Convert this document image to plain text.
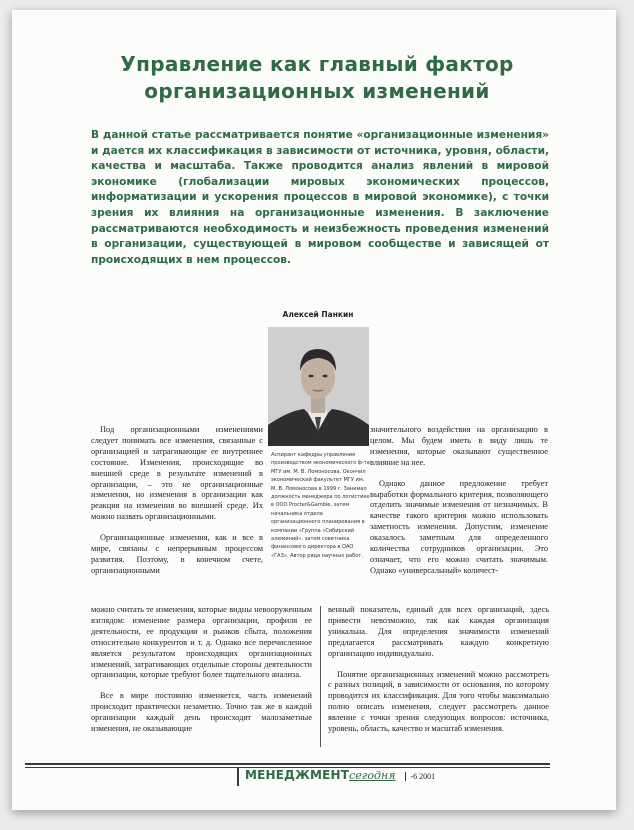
Управление как главный фактор
организационных изменений
В данной статье рассматривается понятие «организационные изменения» и дается их классификация в зависимости от источника, уровня, области, качества и масштаба. Также проводится анализ явлений в мировой экономике (глобализации мировых экономических процессов, информатизации и ускорения процессов в мировой экономике), с точки зрения их влияния на организационные изменения. В заключение рассматриваются необходимость и неизбежность проведения изменений в организации, существующей в мировом сообществе и зависящей от происходящих в нем процессов.
Алексей Панкин
Аспирант кафедры управления производством экономического ф-та МГУ им. М. В. Ломоносова. Окончил экономический факультет МГУ им. М. В. Ломоносова в 1999 г. Занимал должность менеджера по логистике в ООО Procter&Gamble, затем начальника отдела организационного планирования в компании «Группа «Сибирский алюминий», затем советника финансового директора в ОАО «ГАЗ». Автор ряда научных работ.

Под организационными изменениями следует понимать все изменения, связанные с организацией и затрагивающие ее внутреннее состояние. Изменения, происходящие во внешней среде в результате изменений в организации, – это не организационные изменения, но изменения в организации как реакция на изменения во внешней среде. Их можно назвать организационными.

Организационные изменения, как и все в мире, связаны с непрерывным процессом развития. Поэтому, в конечном счете, организационными

можно считать те изменения, которые видны невооруженным взглядом: изменение размера организации, профиля ее деятельности, ее продукции и рынков сбыта, положения относительно конкурентов и т. д. Однако все перечисленное является результатом происходящих организационных изменений, затрагивающих отдельные стороны деятельности организации, которые требуют более тщательного анализа.

Все в мире постоянно изменяется, часть изменений происходит практически незаметно. Точно так же в каждой организации каждый день происходят малозаметные изменения, не оказывающие

значительного воздействия на организацию в целом. Мы будем иметь в виду лишь те изменения, которые оказывают существенное влияние на нее.

Однако данное предложение требует выработки формального критерия, позволяющего отделить значимые изменения от незначимых. В качестве такого критерия можно использовать заметность изменения. Допустим, изменение оказалось заметным для определенного количества сотрудников организации. Это означает, что его можно считать значимым. Однако «универсальный» количест-

венный показатель, единый для всех организаций, здесь привести невозможно, так как каждая организация уникальна. Для определения значимости изменений предлагается рассматривать каждую конкретную организацию индивидуально.

Понятие организационных изменений можно рассмотреть с разных позиций, в зависимости от основания, по которому проводится их классификация. Для того чтобы максимально полно описать изменения, следует рассмотреть данное явление с точки зрения следующих вопросов: источника, уровень, область, качество и масштаб изменения.

МЕНЕДЖМЕНТ сегодня	-6 2001
